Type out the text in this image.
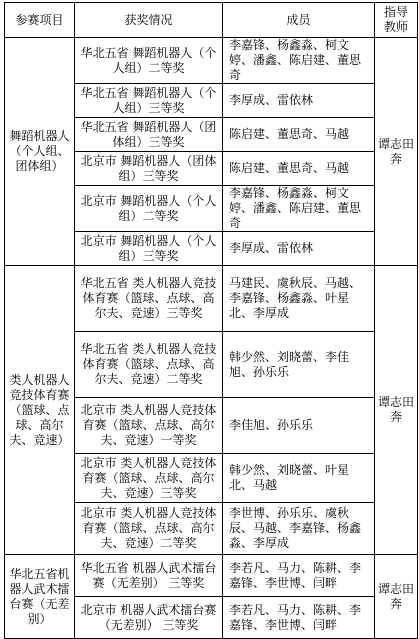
参赛项目	获奖情况	成员	指导
教师

舞蹈机器人（个人组、团体组）	华北五省 舞蹈机器人（个人组）二等奖	李嘉锋、杨鑫淼、柯文婷、潘鑫、陈启建、董思奇	谭志田奔
	华北五省 舞蹈机器人（个人组）三等奖	李厚成、雷依林	
	华北五省 舞蹈机器人（团体组）三等奖	陈启建、董思奇、马越	
	北京市 舞蹈机器人（团体组）三等奖	陈启建、董思奇、马越	
	北京市 舞蹈机器人（个人组）二等奖	李嘉锋、杨鑫淼、柯文婷、潘鑫、陈启建、董思奇	
	北京市 舞蹈机器人（个人组）三等奖	李厚成、雷依林	
类人机器人竞技体育赛（篮球、点球、高尔夫、竞速）	华北五省 类人机器人竞技体育赛（篮球、点球、高尔夫、竞速）三等奖	马建民、虞秋辰、马越、李嘉锋、杨鑫淼、叶星北、李厚成	谭志田奔
	华北五省 类人机器人竞技体育赛（篮球、点球、高尔夫、竞速）二等奖	韩少然、刘晓蕾、李佳旭、孙乐乐	
	北京市 类人机器人竞技体育赛（篮球、点球、高尔夫、竞速）一等奖	李佳旭、孙乐乐	
	北京市 类人机器人竞技体育赛（篮球、点球、高尔夫、竞速）三等奖	韩少然、刘晓蕾、叶星北、马越	
	北京市 类人机器人竞技体育赛（篮球、点球、高尔夫、竞速）二等奖	李世博、孙乐乐、虞秋辰、马越、李嘉锋、杨鑫淼、李厚成	
华北五省机器人武术擂台赛（无差别）	华北五省 机器人武术擂台赛（无差别） 三等奖	李若凡、马力、陈耕、李嘉锋、李世博、闫畔	谭志田奔
	北京市 机器人武术擂台赛（无差别） 三等奖	李若凡、马力、陈耕、李嘉锋、李世博、闫畔	
